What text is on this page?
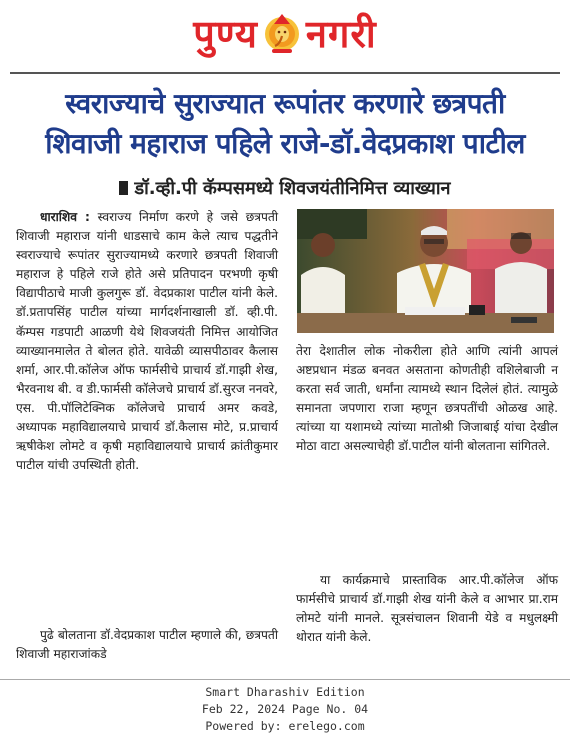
पुण्य नगरी
स्वराज्याचे सुराज्यात रूपांतर करणारे छत्रपती
शिवाजी महाराज पहिले राजे-डॉ.वेदप्रकाश पाटील
डॉ.व्ही.पी कॅम्पसमध्ये शिवजयंतीनिमित्त व्याख्यान
धाराशिव : स्वराज्य निर्माण करणे हे जसे छत्रपती शिवाजी महाराज यांनी धाडसाचे काम केले त्याच पद्धतीने स्वराज्याचे रूपांतर सुराज्यामध्ये करणारे छत्रपती शिवाजी महाराज हे पहिले राजे होते असे प्रतिपादन परभणी कृषी विद्यापीठाचे माजी कुलगुरू डॉ. वेदप्रकाश पाटील यांनी केले. डॉ.प्रतापसिंह पाटील यांच्या मार्गदर्शनाखाली डॉ. व्ही.पी. कॅम्पस गडपाटी आळणी येथे शिवजयंती निमित्त आयोजित व्याख्यानमालेत ते बोलत होते. यावेळी व्यासपीठावर कैलास शर्मा, आर.पी.कॉलेज ऑफ फार्मसीचे प्राचार्य डॉ.गाझी शेख, भैरवनाथ बी. व डी.फार्मसी कॉलेजचे प्राचार्य डॉ.सुरज ननवरे, एस. पी.पॉलिटेक्निक कॉलेजचे प्राचार्य अमर कवडे, अध्यापक महाविद्यालयाचे प्राचार्य डॉ.कैलास मोटे, प्र.प्राचार्य ऋषीकेश लोमटे व कृषी महाविद्यालयाचे प्राचार्य क्रांतीकुमार पाटील यांची उपस्थिती होती.
पुढे बोलताना डॉ.वेदप्रकाश पाटील म्हणाले की, छत्रपती शिवाजी महाराजांकडे
तेरा देशातील लोक नोकरीला होते आणि त्यांनी आपलं अष्टप्रधान मंडळ बनवत असताना कोणतीही वशिलेबाजी न करता सर्व जाती, धर्मांना त्यामध्ये स्थान दिलेलं होतं. त्यामुळे समानता जपणारा राजा म्हणून छत्रपतींची ओळख आहे. त्यांच्या या यशामध्ये त्यांच्या मातोश्री जिजाबाई यांचा देखील मोठा वाटा असल्याचेही डॉ.पाटील यांनी बोलताना सांगितले.
या कार्यक्रमाचे प्रास्ताविक आर.पी.कॉलेज ऑफ फार्मसीचे प्राचार्य डॉ.गाझी शेख यांनी केले व आभार प्रा.राम लोमटे यांनी मानले. सूत्रसंचालन शिवानी येडे व मधुलक्ष्मी थोरात यांनी केले.
Smart Dharashiv Edition
Feb 22, 2024 Page No. 04
Powered by: erelego.com
